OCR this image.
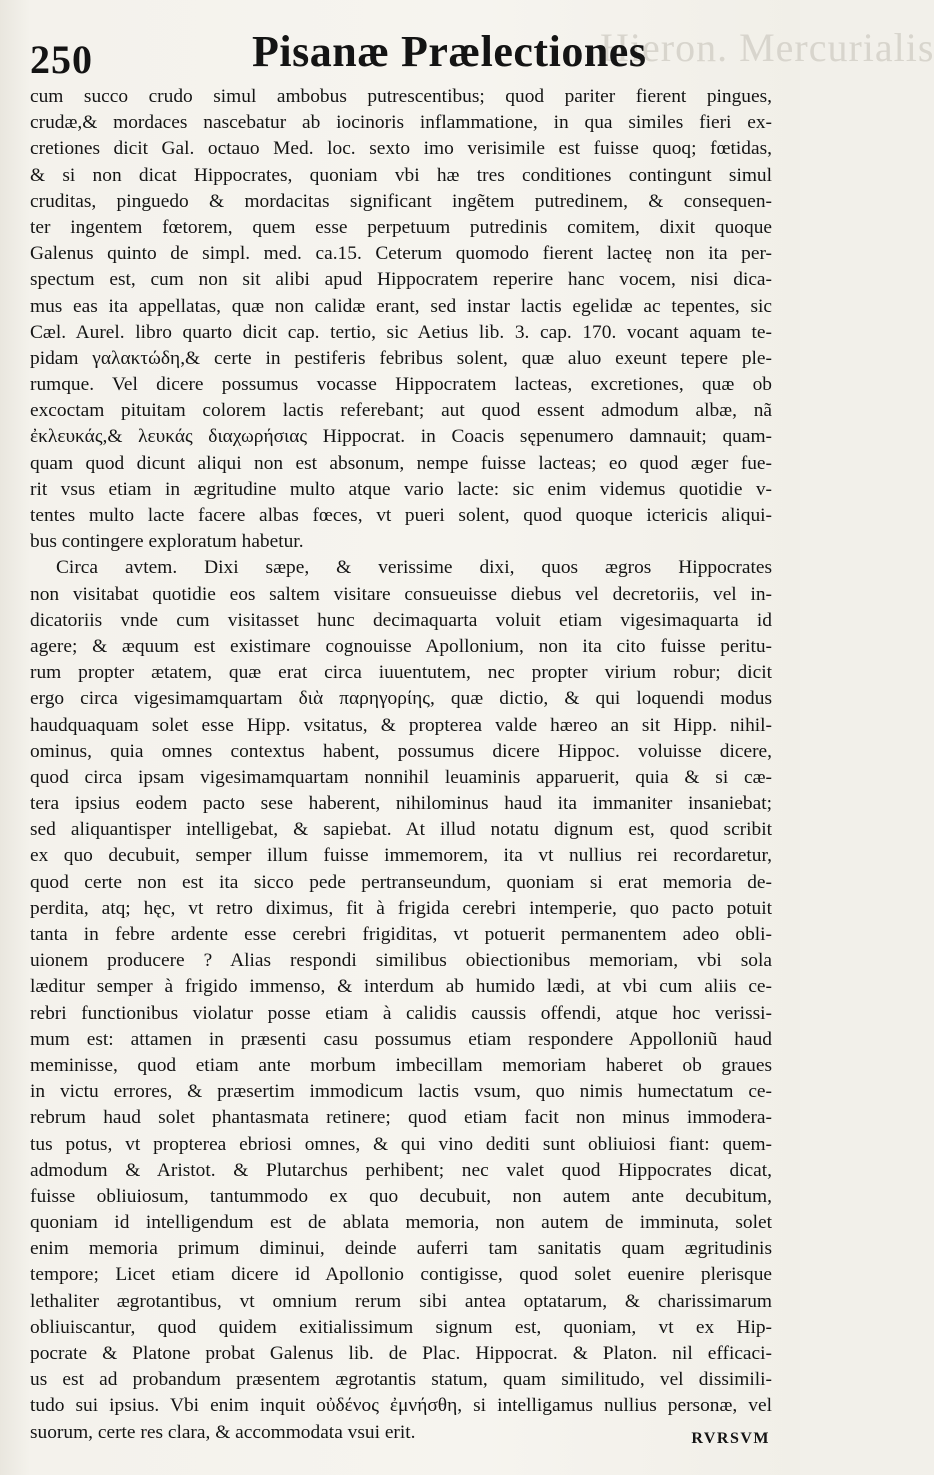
Hieron. Mercurialis
250	Pisanæ Prælectiones
cum succo crudo simul ambobus putrescentibus; quod pariter fierent pingues,
crudæ,& mordaces nascebatur ab iocinoris inflammatione, in qua similes fieri ex-
cretiones dicit Gal. octauo Med. loc. sexto imo verisimile est fuisse quoq; fœtidas,
& si non dicat Hippocrates, quoniam vbi hæ tres conditiones contingunt simul
cruditas, pinguedo & mordacitas significant ingẽtem putredinem, & consequen-
ter ingentem fœtorem, quem esse perpetuum putredinis comitem, dixit quoque
Galenus quinto de simpl. med. ca.15. Ceterum quomodo fierent lacteę non ita per-
spectum est, cum non sit alibi apud Hippocratem reperire hanc vocem, nisi dica-
mus eas ita appellatas, quæ non calidæ erant, sed instar lactis egelidæ ac tepentes, sic
Cæl. Aurel. libro quarto dicit cap. tertio, sic Aetius lib. 3. cap. 170. vocant aquam te-
pidam γαλακτώδη,& certe in pestiferis febribus solent, quæ aluo exeunt tepere ple-
rumque. Vel dicere possumus vocasse Hippocratem lacteas, excretiones, quæ ob
excoctam pituitam colorem lactis referebant; aut quod essent admodum albæ, nã
ἐκλευκάς,& λευκάς διαχωρήσιας Hippocrat. in Coacis sępenumero damnauit; quam-
quam quod dicunt aliqui non est absonum, nempe fuisse lacteas; eo quod æger fue-
rit vsus etiam in ægritudine multo atque vario lacte: sic enim videmus quotidie v-
tentes multo lacte facere albas fœces, vt pueri solent, quod quoque ictericis aliqui-
bus contingere exploratum habetur.
Circa avtem. Dixi sæpe, & verissime dixi, quos ægros Hippocrates
non visitabat quotidie eos saltem visitare consueuisse diebus vel decretoriis, vel in-
dicatoriis vnde cum visitasset hunc decimaquarta voluit etiam vigesimaquarta id
agere; & æquum est existimare cognouisse Apollonium, non ita cito fuisse peritu-
rum propter ætatem, quæ erat circa iuuentutem, nec propter virium robur; dicit
ergo circa vigesimamquartam διὰ παρηγορίης, quæ dictio, & qui loquendi modus
haudquaquam solet esse Hipp. vsitatus, & propterea valde hæreo an sit Hipp. nihil-
ominus, quia omnes contextus habent, possumus dicere Hippoc. voluisse dicere,
quod circa ipsam vigesimamquartam nonnihil leuaminis apparuerit, quia & si cæ-
tera ipsius eodem pacto sese haberent, nihilominus haud ita immaniter insaniebat;
sed aliquantisper intelligebat, & sapiebat. At illud notatu dignum est, quod scribit
ex quo decubuit, semper illum fuisse immemorem, ita vt nullius rei recordaretur,
quod certe non est ita sicco pede pertranseundum, quoniam si erat memoria de-
perdita, atq; hęc, vt retro diximus, fit à frigida cerebri intemperie, quo pacto potuit
tanta in febre ardente esse cerebri frigiditas, vt potuerit permanentem adeo obli-
uionem producere ? Alias respondi similibus obiectionibus memoriam, vbi sola
læditur semper à frigido immenso, & interdum ab humido lædi, at vbi cum aliis ce-
rebri functionibus violatur posse etiam à calidis caussis offendi, atque hoc verissi-
mum est: attamen in præsenti casu possumus etiam respondere Appolloniũ haud
meminisse, quod etiam ante morbum imbecillam memoriam haberet ob graues
in victu errores, & præsertim immodicum lactis vsum, quo nimis humectatum ce-
rebrum haud solet phantasmata retinere; quod etiam facit non minus immodera-
tus potus, vt propterea ebriosi omnes, & qui vino dediti sunt obliuiosi fiant: quem-
admodum & Aristot. & Plutarchus perhibent; nec valet quod Hippocrates dicat,
fuisse obliuiosum, tantummodo ex quo decubuit, non autem ante decubitum,
quoniam id intelligendum est de ablata memoria, non autem de imminuta, solet
enim memoria primum diminui, deinde auferri tam sanitatis quam ægritudinis
tempore; Licet etiam dicere id Apollonio contigisse, quod solet euenire plerisque
lethaliter ægrotantibus, vt omnium rerum sibi antea optatarum, & charissimarum
obliuiscantur, quod quidem exitialissimum signum est, quoniam, vt ex Hip-
pocrate & Platone probat Galenus lib. de Plac. Hippocrat. & Platon. nil efficaci-
us est ad probandum præsentem ægrotantis statum, quam similitudo, vel dissimili-
tudo sui ipsius. Vbi enim inquit οὐδένος ἐμνήσθη, si intelligamus nullius personæ, vel
suorum, certe res clara, & accommodata vsui erit.	RVRSVM
